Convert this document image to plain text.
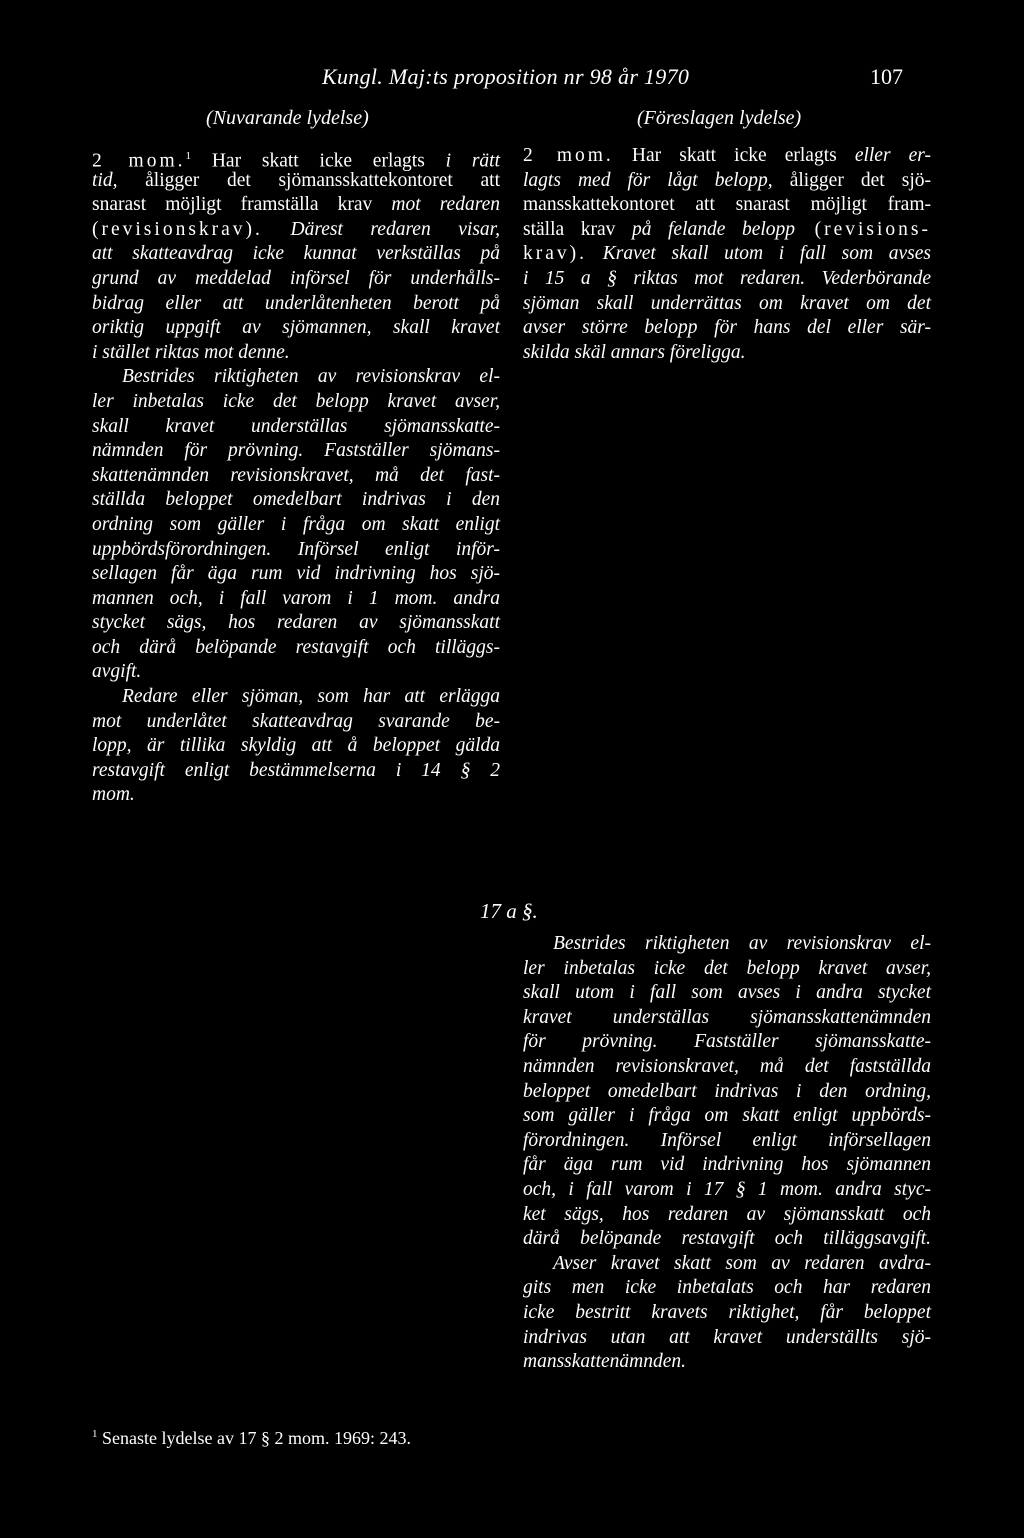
Kungl. Maj:ts proposition nr 98 år 1970	107
(Nuvarande lydelse)	(Föreslagen lydelse)
2 mom.$^1$ Har skatt icke erlagts i rätt
tid, åligger det sjömansskattekontoret att
snarast möjligt framställa krav mot redaren
(revisionskrav). Därest redaren visar,
att skatteavdrag icke kunnat verkställas på
grund av meddelad införsel för underhålls-
bidrag eller att underlåtenheten berott på
oriktig uppgift av sjömannen, skall kravet
i stället riktas mot denne.
Bestrides riktigheten av revisionskrav el-
ler inbetalas icke det belopp kravet avser,
skall kravet underställas sjömansskatte-
nämnden för prövning. Fastställer sjömans-
skattenämnden revisionskravet, må det fast-
ställda beloppet omedelbart indrivas i den
ordning som gäller i fråga om skatt enligt
uppbördsförordningen. Införsel enligt inför-
sellagen får äga rum vid indrivning hos sjö-
mannen och, i fall varom i 1 mom. andra
stycket sägs, hos redaren av sjömansskatt
och därå belöpande restavgift och tilläggs-
avgift.
Redare eller sjöman, som har att erlägga
mot underlåtet skatteavdrag svarande be-
lopp, är tillika skyldig att å beloppet gälda
restavgift enligt bestämmelserna i 14 § 2
mom.
2 mom. Har skatt icke erlagts eller er-
lagts med för lågt belopp, åligger det sjö-
mansskattekontoret att snarast möjligt fram-
ställa krav på felande belopp (revisions-
krav). Kravet skall utom i fall som avses
i 15 a § riktas mot redaren. Vederbörande
sjöman skall underrättas om kravet om det
avser större belopp för hans del eller sär-
skilda skäl annars föreligga.
17 a §.
Bestrides riktigheten av revisionskrav el-
ler inbetalas icke det belopp kravet avser,
skall utom i fall som avses i andra stycket
kravet underställas sjömansskattenämnden
för prövning. Fastställer sjömansskatte-
nämnden revisionskravet, må det fastställda
beloppet omedelbart indrivas i den ordning,
som gäller i fråga om skatt enligt uppbörds-
förordningen. Införsel enligt införsellagen
får äga rum vid indrivning hos sjömannen
och, i fall varom i 17 § 1 mom. andra styc-
ket sägs, hos redaren av sjömansskatt och
därå belöpande restavgift och tilläggsavgift.
Avser kravet skatt som av redaren avdra-
gits men icke inbetalats och har redaren
icke bestritt kravets riktighet, får beloppet
indrivas utan att kravet underställts sjö-
mansskattenämnden.
$^1$ Senaste lydelse av 17 § 2 mom. 1969: 243.
